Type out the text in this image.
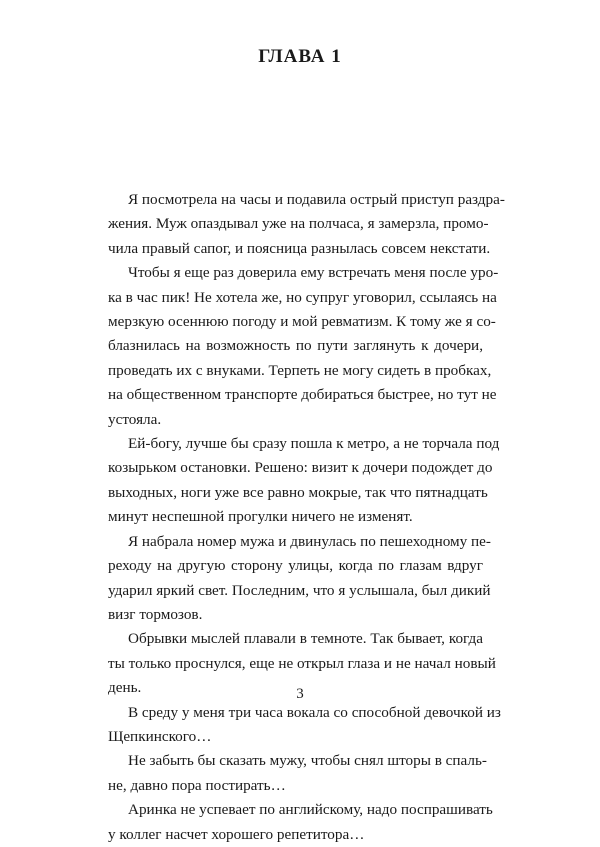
ГЛАВА 1
Я посмотрела на часы и подавила острый приступ раздра-
жения. Муж опаздывал уже на полчаса, я замерзла, промо-
чила правый сапог, и поясница разнылась совсем некстати.
Чтобы я еще раз доверила ему встречать меня после уро-
ка в час пик! Не хотела же, но супруг уговорил, ссылаясь на
мерзкую осеннюю погоду и мой ревматизм. К тому же я со-
блазнилась на возможность по пути заглянуть к дочери,
проведать их с внуками. Терпеть не могу сидеть в пробках,
на общественном транспорте добираться быстрее, но тут не
устояла.
Ей-богу, лучше бы сразу пошла к метро, а не торчала под
козырьком остановки. Решено: визит к дочери подождет до
выходных, ноги уже все равно мокрые, так что пятнадцать
минут неспешной прогулки ничего не изменят.
Я набрала номер мужа и двинулась по пешеходному пе-
реходу на другую сторону улицы, когда по глазам вдруг
ударил яркий свет. Последним, что я услышала, был дикий
визг тормозов.
Обрывки мыслей плавали в темноте. Так бывает, когда
ты только проснулся, еще не открыл глаза и не начал новый
день.
В среду у меня три часа вокала со способной девочкой из
Щепкинского…
Не забыть бы сказать мужу, чтобы снял шторы в спаль-
не, давно пора постирать…
Аринка не успевает по английскому, надо поспрашивать
у коллег насчет хорошего репетитора…
3
